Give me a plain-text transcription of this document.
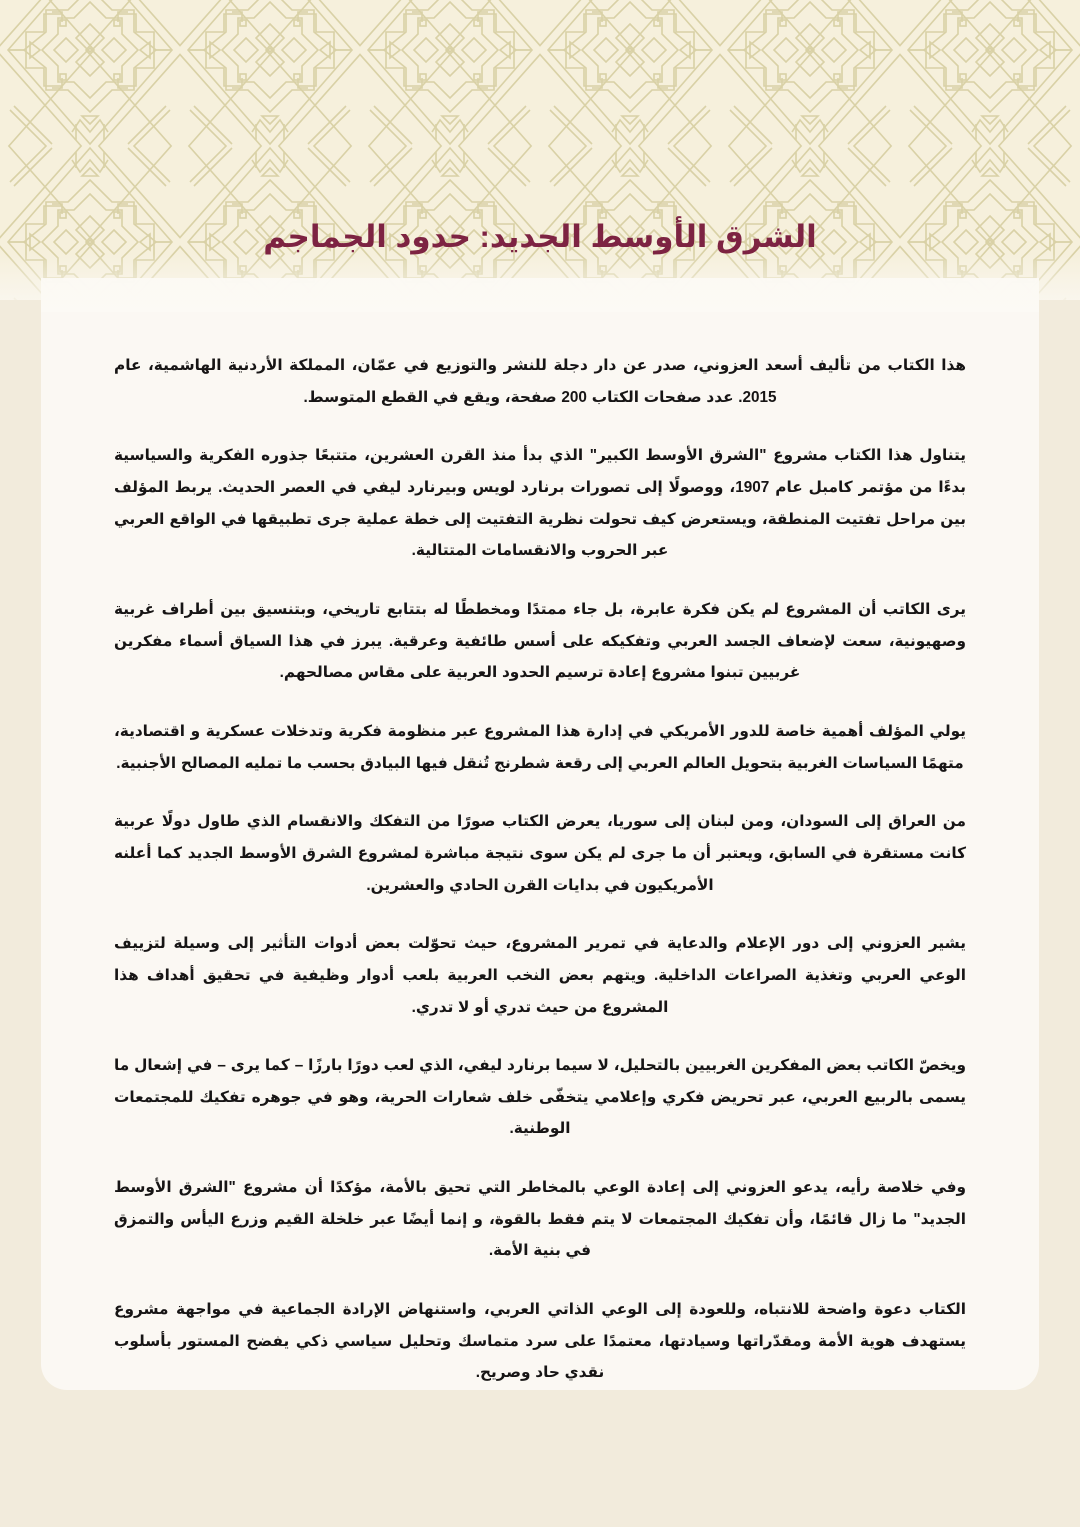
الشرق الأوسط الجديد: حدود الجماجم

هذا الكتاب من تأليف أسعد العزوني، صدر عن دار دجلة للنشر والتوزيع في عمّان، المملكة الأردنية الهاشمية، عام 2015. عدد صفحات الكتاب 200 صفحة، ويقع في القطع المتوسط.

يتناول هذا الكتاب مشروع "الشرق الأوسط الكبير" الذي بدأ منذ القرن العشرين، متتبعًا جذوره الفكرية والسياسية بدءًا من مؤتمر كامبل عام 1907، ووصولًا إلى تصورات برنارد لويس وبيرنارد ليفي في العصر الحديث. يربط المؤلف بين مراحل تفتيت المنطقة، ويستعرض كيف تحولت نظرية التفتيت إلى خطة عملية جرى تطبيقها في الواقع العربي عبر الحروب والانقسامات المتتالية.

يرى الكاتب أن المشروع لم يكن فكرة عابرة، بل جاء ممتدًا ومخططًا له بتتابع تاريخي، وبتنسيق بين أطراف غربية وصهيونية، سعت لإضعاف الجسد العربي وتفكيكه على أسس طائفية وعرقية. يبرز في هذا السياق أسماء مفكرين غربيين تبنوا مشروع إعادة ترسيم الحدود العربية على مقاس مصالحهم.

يولي المؤلف أهمية خاصة للدور الأمريكي في إدارة هذا المشروع عبر منظومة فكرية وتدخلات عسكرية و اقتصادية، متهمًا السياسات الغربية بتحويل العالم العربي إلى رقعة شطرنج تُنقل فيها البيادق بحسب ما تمليه المصالح الأجنبية.

من العراق إلى السودان، ومن لبنان إلى سوريا، يعرض الكتاب صورًا من التفكك والانقسام الذي طاول دولًا عربية كانت مستقرة في السابق، ويعتبر أن ما جرى لم يكن سوى نتيجة مباشرة لمشروع الشرق الأوسط الجديد كما أعلنه الأمريكيون في بدايات القرن الحادي والعشرين.

يشير العزوني إلى دور الإعلام والدعاية في تمرير المشروع، حيث تحوّلت بعض أدوات التأثير إلى وسيلة لتزييف الوعي العربي وتغذية الصراعات الداخلية. ويتهم بعض النخب العربية بلعب أدوار وظيفية في تحقيق أهداف هذا المشروع من حيث تدري أو لا تدري.

ويخصّ الكاتب بعض المفكرين الغربيين بالتحليل، لا سيما برنارد ليفي، الذي لعب دورًا بارزًا – كما يرى – في إشعال ما يسمى بالربيع العربي، عبر تحريض فكري وإعلامي يتخفّى خلف شعارات الحرية، وهو في جوهره تفكيك للمجتمعات الوطنية.

وفي خلاصة رأيه، يدعو العزوني إلى إعادة الوعي بالمخاطر التي تحيق بالأمة، مؤكدًا أن مشروع "الشرق الأوسط الجديد" ما زال قائمًا، وأن تفكيك المجتمعات لا يتم فقط بالقوة، و إنما أيضًا عبر خلخلة القيم وزرع اليأس والتمزق في بنية الأمة.

الكتاب دعوة واضحة للانتباه، وللعودة إلى الوعي الذاتي العربي، واستنهاض الإرادة الجماعية في مواجهة مشروع يستهدف هوية الأمة ومقدّراتها وسيادتها، معتمدًا على سرد متماسك وتحليل سياسي ذكي يفضح المستور بأسلوب نقدي حاد وصريح.
